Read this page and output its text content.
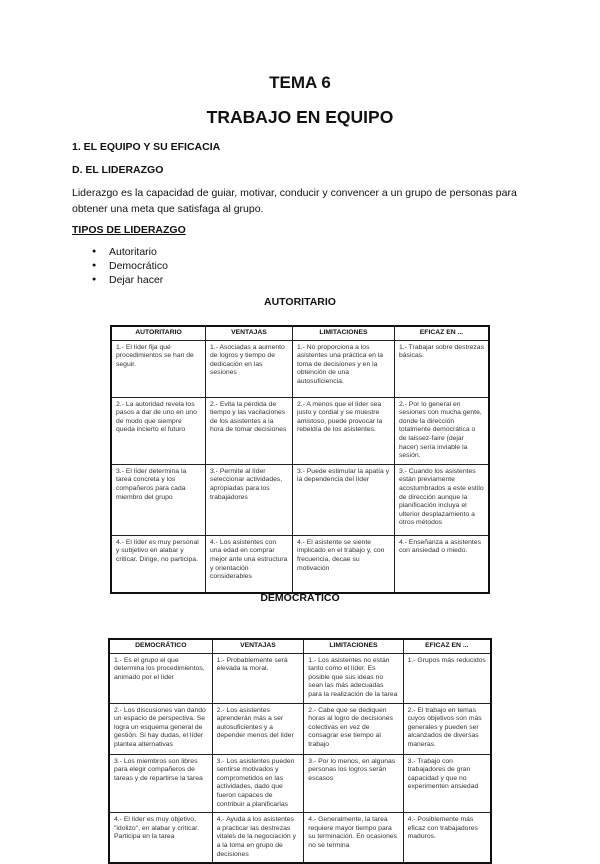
TEMA 6
TRABAJO EN EQUIPO
1. EL EQUIPO Y SU EFICACIA
D. EL LIDERAZGO
Liderazgo es la capacidad de guiar, motivar, conducir y convencer a un grupo de personas para obtener una meta que satisfaga al grupo.
TIPOS DE LIDERAZGO
● Autoritario
● Democrático
● Dejar hacer
AUTORITARIO
AUTORITARIO	VENTAJAS	LIMITACIONES	EFICAZ EN ...
1.- El líder fija qué procedimientos se han de seguir.	1.- Asociadas a aumento de logros y tiempo de dedicación en las sesiones	1.- No proporciona a los asistentes una práctica en la toma de decisiones y en la obtención de una autosuficiencia.	1.- Trabajar sobre destrezas básicas.
2.- La autoridad revela los pasos a dar de uno en uno de modo que siempre queda incierto el futuro	2.- Evita la pérdida de tiempo y las vacilaciones de los asistentes a la hora de tomar decisiones	2.- A menos que el líder sea justo y cordial y se muestre amistoso, puede provocar la rebeldía de los asistentes.	2.- Por lo general en sesiones con mucha gente, donde la dirección totalmente democrática o de laissez-faire (dejar hacer) sería inviable la sesión.
3.- El líder determina la tarea concreta y los compañeros para cada miembro del grupo	3.- Permite al líder seleccionar actividades, apropiadas para los trabajadores	3.- Puede estimular la apatía y la dependencia del líder	3.- Cuando los asistentes están previamente acostumbrados a este estilo de dirección aunque la planificación incluya el ulterior desplazamiento a otros métodos
4.- El líder es muy personal y subjetivo en alabar y criticar. Dirige, no participa.	4.- Los asistentes con una edad en comprar mejor ante una estructura y orientación considerables	4.- El asistente se siente implicado en el trabajo y, con frecuencia, decae su motivación	4.- Enseñanza a asistentes con ansiedad o miedo.
DEMOCRÁTICO
DEMOCRÁTICO	VENTAJAS	LIMITACIONES	EFICAZ EN ...
1.- Es el grupo el que determina los procedimientos, animado por el líder	1.- Probablemente será elevada la moral.	1.- Los asistentes no están tanto como el líder. Es posible que sus ideas no sean las más adecuadas para la realización de la tarea	1.- Grupos más reducidos
2.- Los discusiones van dando un espacio de perspectiva. Se logra un esquema general de gestión. Si hay dudas, el líder plantea alternativas	2.- Los asistentes aprenderán más a ser autosuficientes y a depender menos del líder	2.- Cabe que se dediquen horas al logro de decisiones colectivas en vez de consagrar ese tiempo al trabajo	2.- El trabajo en temas cuyos objetivos son más generales y pueden ser alcanzados de diversas maneras.
3.- Los miembros son libres para elegir compañeros de tareas y de repartirse la tarea	3.- Los asistentes pueden sentirse motivados y comprometidos en las actividades, dado que fueron capaces de contribuir a planificarlas	3.- Por lo menos, en algunas personas los logros serán escasos	3.- Trabajo con trabajadores de gran capacidad y que no experimenten ansiedad
4.- El líder es muy objetivo, "idolizo", en alabar y criticar. Participa en la tarea	4.- Ayuda a los asistentes a practicar las destrezas vitales de la negociación y a la toma en grupo de decisiones	4.- Generalmente, la tarea requiere mayor tiempo para su terminación. En ocasiones no se termina	4.- Posiblemente más eficaz con trabajadores maduros.
